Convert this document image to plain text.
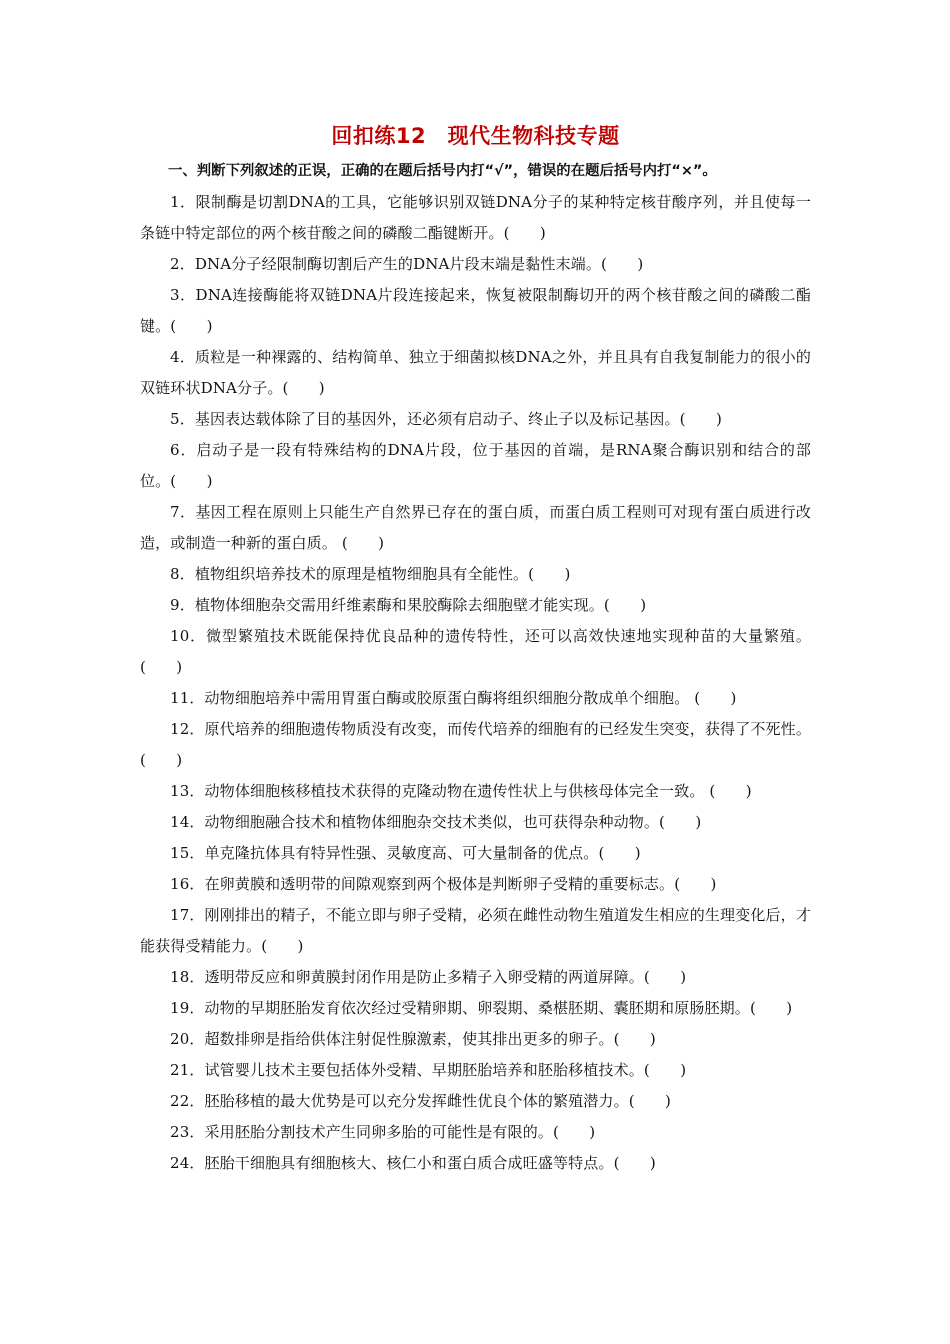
回扣练12　现代生物科技专题

一、判断下列叙述的正误，正确的在题后括号内打“√”，错误的在题后括号内打“×”。

1．限制酶是切割DNA的工具，它能够识别双链DNA分子的某种特定核苷酸序列，并且使每一条链中特定部位的两个核苷酸之间的磷酸二酯键断开。(　　)
2．DNA分子经限制酶切割后产生的DNA片段末端是黏性末端。(　　)
3．DNA连接酶能将双链DNA片段连接起来，恢复被限制酶切开的两个核苷酸之间的磷酸二酯键。(　　)
4．质粒是一种裸露的、结构简单、独立于细菌拟核DNA之外，并且具有自我复制能力的很小的双链环状DNA分子。(　　)
5．基因表达载体除了目的基因外，还必须有启动子、终止子以及标记基因。(　　)
6．启动子是一段有特殊结构的DNA片段，位于基因的首端，是RNA聚合酶识别和结合的部位。(　　)
7．基因工程在原则上只能生产自然界已存在的蛋白质，而蛋白质工程则可对现有蛋白质进行改造，或制造一种新的蛋白质。 (　　)
8．植物组织培养技术的原理是植物细胞具有全能性。(　　)
9．植物体细胞杂交需用纤维素酶和果胶酶除去细胞壁才能实现。(　　)
10．微型繁殖技术既能保持优良品种的遗传特性，还可以高效快速地实现种苗的大量繁殖。(　　)
11．动物细胞培养中需用胃蛋白酶或胶原蛋白酶将组织细胞分散成单个细胞。 (　　)
12．原代培养的细胞遗传物质没有改变，而传代培养的细胞有的已经发生突变，获得了不死性。(　　)
13．动物体细胞核移植技术获得的克隆动物在遗传性状上与供核母体完全一致。 (　　)
14．动物细胞融合技术和植物体细胞杂交技术类似，也可获得杂种动物。(　　)
15．单克隆抗体具有特异性强、灵敏度高、可大量制备的优点。(　　)
16．在卵黄膜和透明带的间隙观察到两个极体是判断卵子受精的重要标志。(　　)
17．刚刚排出的精子，不能立即与卵子受精，必须在雌性动物生殖道发生相应的生理变化后，才能获得受精能力。(　　)
18．透明带反应和卵黄膜封闭作用是防止多精子入卵受精的两道屏障。(　　)
19．动物的早期胚胎发育依次经过受精卵期、卵裂期、桑椹胚期、囊胚期和原肠胚期。(　　)
20．超数排卵是指给供体注射促性腺激素，使其排出更多的卵子。(　　)
21．试管婴儿技术主要包括体外受精、早期胚胎培养和胚胎移植技术。(　　)
22．胚胎移植的最大优势是可以充分发挥雌性优良个体的繁殖潜力。(　　)
23．采用胚胎分割技术产生同卵多胎的可能性是有限的。(　　)
24．胚胎干细胞具有细胞核大、核仁小和蛋白质合成旺盛等特点。(　　)
